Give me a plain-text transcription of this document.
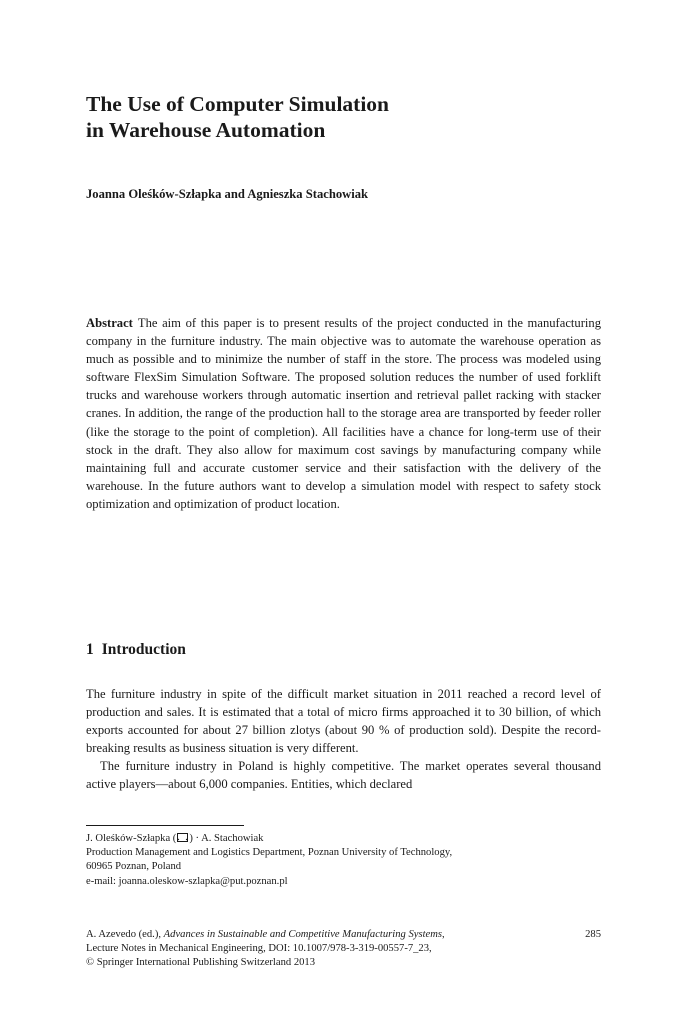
The Use of Computer Simulation
in Warehouse Automation

Joanna Oleśków-Szłapka and Agnieszka Stachowiak

Abstract The aim of this paper is to present results of the project conducted in the manufacturing company in the furniture industry. The main objective was to automate the warehouse operation as much as possible and to minimize the number of staff in the store. The process was modeled using software FlexSim Simulation Software. The proposed solution reduces the number of used forklift trucks and warehouse workers through automatic insertion and retrieval pallet racking with stacker cranes. In addition, the range of the production hall to the storage area are transported by feeder roller (like the storage to the point of completion). All facilities have a chance for long-term use of their stock in the draft. They also allow for maximum cost savings by manufacturing company while maintaining full and accurate customer service and their satisfaction with the delivery of the warehouse. In the future authors want to develop a simulation model with respect to safety stock optimization and optimization of product location.

1 Introduction

The furniture industry in spite of the difficult market situation in 2011 reached a record level of production and sales. It is estimated that a total of micro firms approached it to 30 billion, of which exports accounted for about 27 billion zlotys (about 90 % of production sold). Despite the record-breaking results as business situation is very different.

The furniture industry in Poland is highly competitive. The market operates several thousand active players—about 6,000 companies. Entities, which declared

J. Oleśków-Szłapka ( ) · A. Stachowiak
Production Management and Logistics Department, Poznan University of Technology,
60965 Poznan, Poland
e-mail: joanna.oleskow-szlapka@put.poznan.pl
A. Azevedo (ed.), Advances in Sustainable and Competitive Manufacturing Systems,
Lecture Notes in Mechanical Engineering, DOI: 10.1007/978-3-319-00557-7_23,
© Springer International Publishing Switzerland 2013
285
